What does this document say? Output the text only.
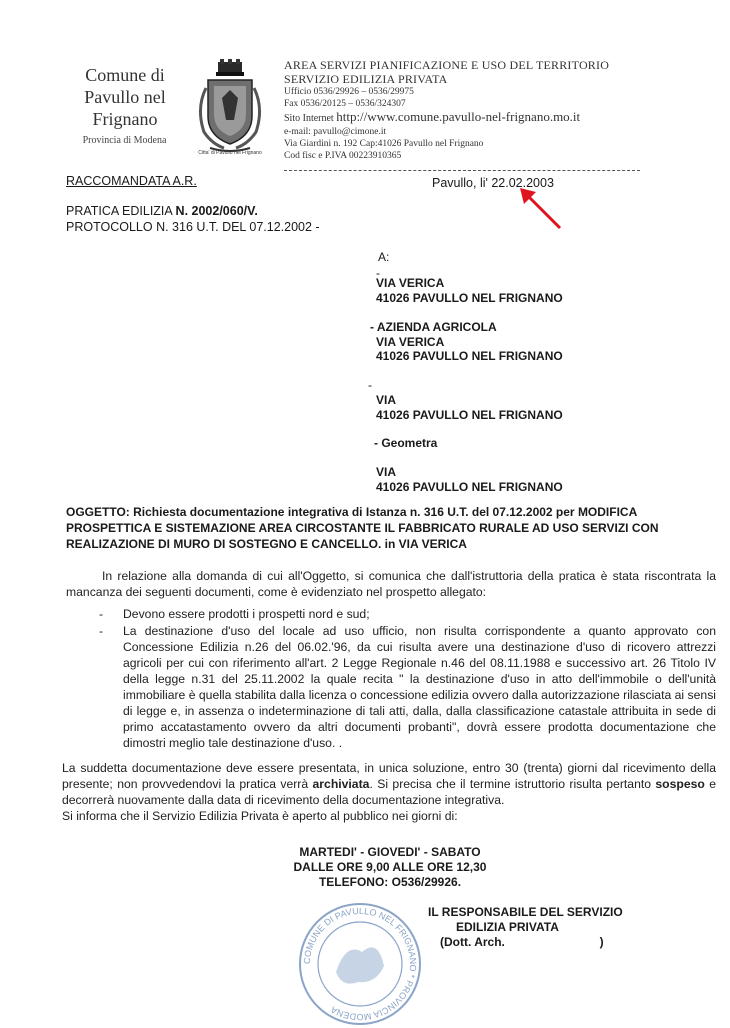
Comune di
Pavullo nel
Frignano
Provincia di Modena
Citta' di Pavullo nel Frignano
AREA SERVIZI PIANIFICAZIONE E USO DEL TERRITORIO
SERVIZIO EDILIZIA PRIVATA
Ufficio 0536/29926 – 0536/29975
Fax 0536/20125 – 0536/324307
Sito Internet http://www.comune.pavullo-nel-frignano.mo.it
e-mail: pavullo@cimone.it
Via Giardini n. 192 Cap:41026 Pavullo nel Frignano
Cod fisc e P.IVA 00223910365
RACCOMANDATA A.R.	Pavullo, li' 22.02.2003
PRATICA EDILIZIA N. 2002/060/V.
PROTOCOLLO N. 316 U.T. DEL 07.12.2002 -
A:
-
VIA VERICA
41026 PAVULLO NEL FRIGNANO
- AZIENDA AGRICOLA
VIA VERICA
41026 PAVULLO NEL FRIGNANO
-
VIA
41026 PAVULLO NEL FRIGNANO
- Geometra
VIA
41026 PAVULLO NEL FRIGNANO
OGGETTO: Richiesta documentazione integrativa di Istanza n. 316 U.T. del 07.12.2002 per MODIFICA PROSPETTICA E SISTEMAZIONE AREA CIRCOSTANTE IL FABBRICATO RURALE AD USO SERVIZI CON REALIZAZIONE DI MURO DI SOSTEGNO E CANCELLO. in VIA VERICA
In relazione alla domanda di cui all'Oggetto, si comunica che dall'istruttoria della pratica è stata riscontrata la mancanza dei seguenti documenti, come è evidenziato nel prospetto allegato:
- Devono essere prodotti i prospetti nord e sud;
- La destinazione d'uso del locale ad uso ufficio, non risulta corrispondente a quanto approvato con Concessione Edilizia n.26 del 06.02.'96, da cui risulta avere una destinazione d'uso di ricovero attrezzi agricoli per cui con riferimento all'art. 2 Legge Regionale n.46 del 08.11.1988 e successivo art. 26 Titolo IV della legge n.31 del 25.11.2002 la quale recita " la destinazione d'uso in atto dell'immobile o dell'unità immobiliare è quella stabilita dalla licenza o concessione edilizia ovvero dalla autorizzazione rilasciata ai sensi di legge e, in assenza o indeterminazione di tali atti, dalla, dalla classificazione catastale attribuita in sede di primo accatastamento ovvero da altri documenti probanti", dovrà essere prodotta documentazione che dimostri meglio tale destinazione d'uso. .

La suddetta documentazione deve essere presentata, in unica soluzione, entro 30 (trenta) giorni dal ricevimento della presente; non provvedendovi la pratica verrà archiviata. Si precisa che il termine istruttorio risulta pertanto sospeso e decorrerà nuovamente dalla data di ricevimento della documentazione integrativa.

Si informa che il Servizio Edilizia Privata è aperto al pubblico nei giorni di:

MARTEDI' - GIOVEDI' - SABATO
DALLE ORE 9,00 ALLE ORE 12,30
TELEFONO: O536/29926.
COMUNE DI PAVULLO NEL FRIGNANO * PROVINCIA MODENA
IL RESPONSABILE DEL SERVIZIO
EDILIZIA PRIVATA
(Dott. Arch.	)
